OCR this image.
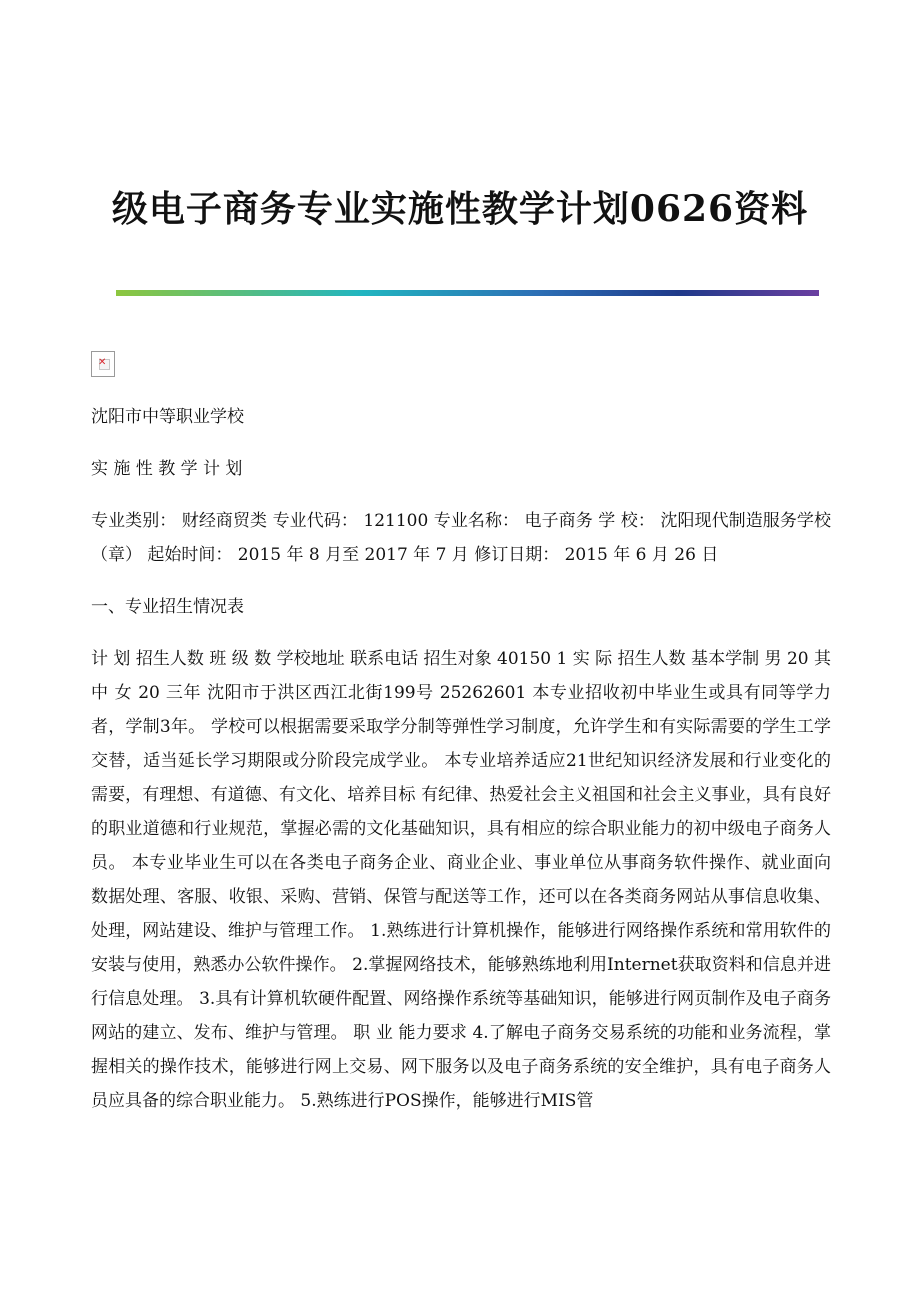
级电子商务专业实施性教学计划0626资料
✕

沈阳市中等职业学校

实 施 性 教 学 计 划

专业类别： 财经商贸类 专业代码： 121100 专业名称： 电子商务 学 校： 沈阳现代制造服务学校 （章） 起始时间： 2015 年 8 月至 2017 年 7 月 修订日期： 2015 年 6 月 26 日

一、专业招生情况表

计 划 招生人数 班 级 数 学校地址 联系电话 招生对象 40150 1 实 际 招生人数 基本学制 男 20 其中 女 20 三年 沈阳市于洪区西江北街199号 25262601 本专业招收初中毕业生或具有同等学力者，学制3年。 学校可以根据需要采取学分制等弹性学习制度，允许学生和有实际需要的学生工学交替，适当延长学习期限或分阶段完成学业。 本专业培养适应21世纪知识经济发展和行业变化的需要，有理想、有道德、有文化、培养目标 有纪律、热爱社会主义祖国和社会主义事业，具有良好的职业道德和行业规范，掌握必需的文化基础知识，具有相应的综合职业能力的初中级电子商务人员。 本专业毕业生可以在各类电子商务企业、商业企业、事业单位从事商务软件操作、就业面向 数据处理、客服、收银、采购、营销、保管与配送等工作，还可以在各类商务网站从事信息收集、处理，网站建设、维护与管理工作。 1.熟练进行计算机操作，能够进行网络操作系统和常用软件的安装与使用，熟悉办公软件操作。 2.掌握网络技术，能够熟练地利用Internet获取资料和信息并进行信息处理。 3.具有计算机软硬件配置、网络操作系统等基础知识，能够进行网页制作及电子商务网站的建立、发布、维护与管理。 职 业 能力要求 4.了解电子商务交易系统的功能和业务流程，掌握相关的操作技术，能够进行网上交易、网下服务以及电子商务系统的安全维护，具有电子商务人员应具备的综合职业能力。 5.熟练进行POS操作，能够进行MIS管
